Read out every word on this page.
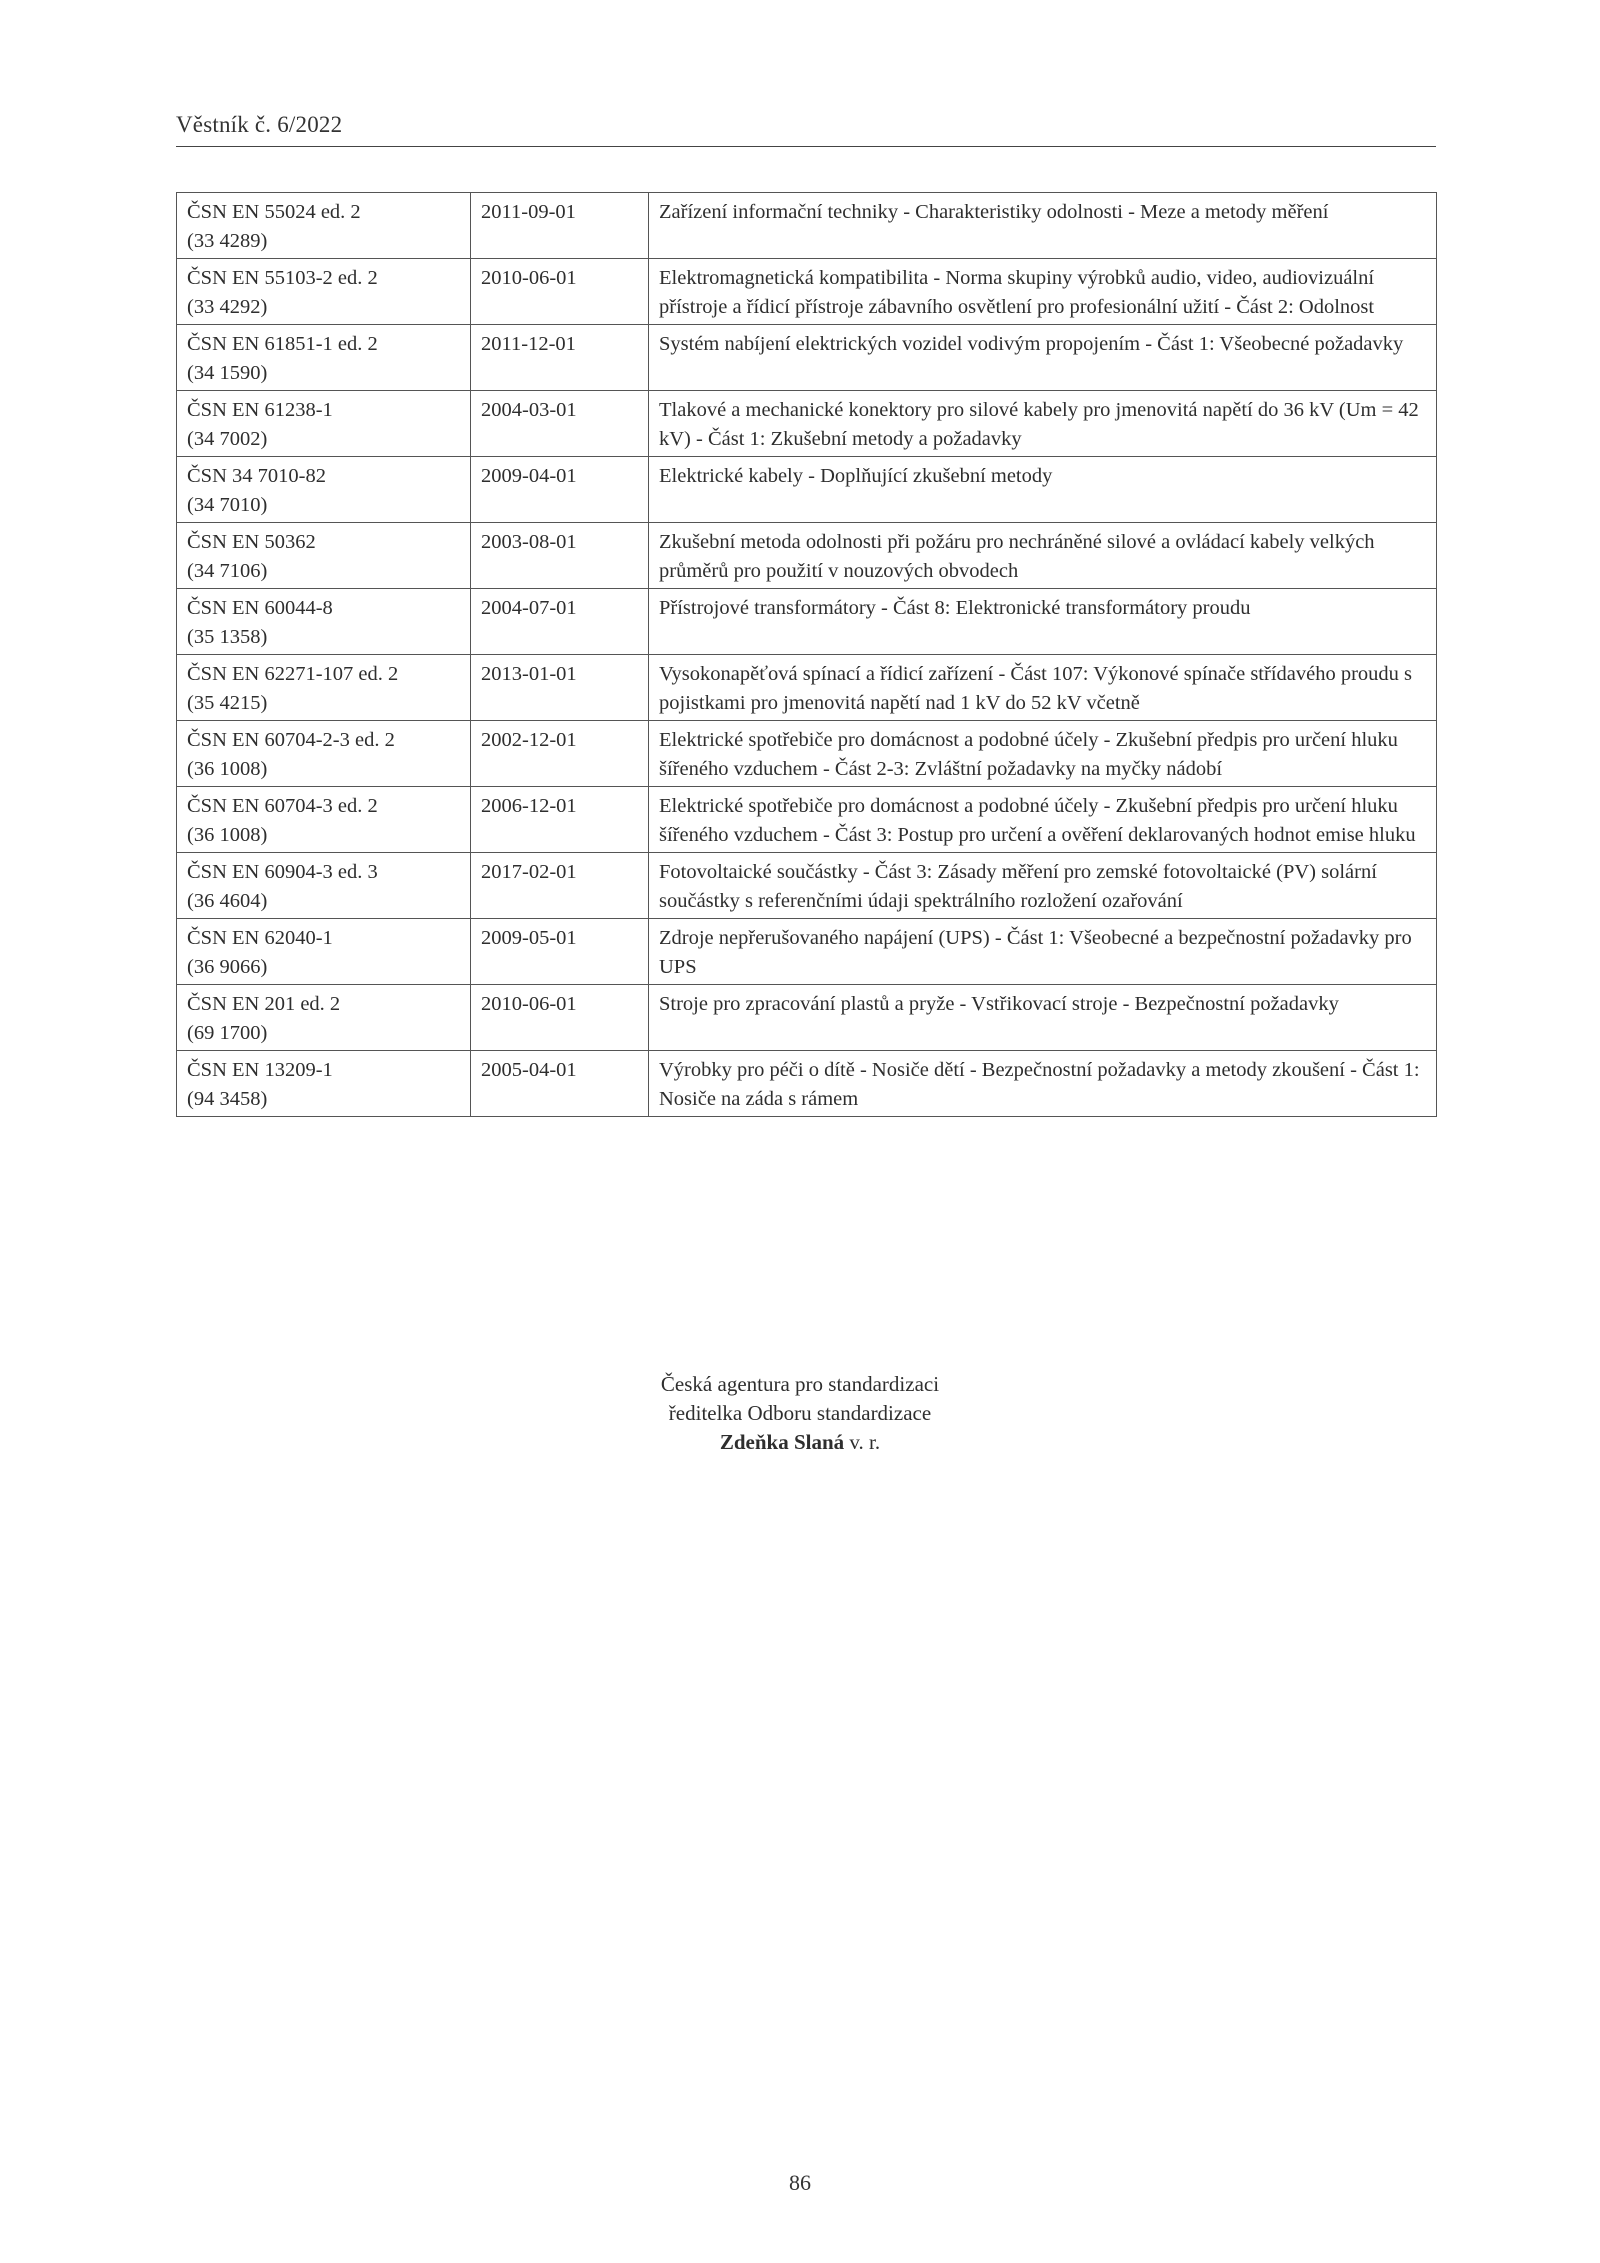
Věstník č. 6/2022
ČSN EN 55024 ed. 2
(33 4289)	2011-09-01	Zařízení informační techniky - Charakteristiky odolnosti - Meze a metody měření

ČSN EN 55103-2 ed. 2
(33 4292)	2010-06-01	Elektromagnetická kompatibilita - Norma skupiny výrobků audio, video, audiovizuální přístroje a řídicí přístroje zábavního osvětlení pro profesionální užití - Část 2: Odolnost

ČSN EN 61851-1 ed. 2
(34 1590)	2011-12-01	Systém nabíjení elektrických vozidel vodivým propojením - Část 1: Všeobecné požadavky

ČSN EN 61238-1
(34 7002)	2004-03-01	Tlakové a mechanické konektory pro silové kabely pro jmenovitá napětí do 36 kV (Um = 42 kV) - Část 1: Zkušební metody a požadavky

ČSN 34 7010-82
(34 7010)	2009-04-01	Elektrické kabely - Doplňující zkušební metody

ČSN EN 50362
(34 7106)	2003-08-01	Zkušební metoda odolnosti při požáru pro nechráněné silové a ovládací kabely velkých průměrů pro použití v nouzových obvodech

ČSN EN 60044-8
(35 1358)	2004-07-01	Přístrojové transformátory - Část 8: Elektronické transformátory proudu

ČSN EN 62271-107 ed. 2
(35 4215)	2013-01-01	Vysokonapěťová spínací a řídicí zařízení - Část 107: Výkonové spínače střídavého proudu s pojistkami pro jmenovitá napětí nad 1 kV do 52 kV včetně

ČSN EN 60704-2-3 ed. 2
(36 1008)	2002-12-01	Elektrické spotřebiče pro domácnost a podobné účely - Zkušební předpis pro určení hluku šířeného vzduchem - Část 2-3: Zvláštní požadavky na myčky nádobí

ČSN EN 60704-3 ed. 2
(36 1008)	2006-12-01	Elektrické spotřebiče pro domácnost a podobné účely - Zkušební předpis pro určení hluku šířeného vzduchem - Část 3: Postup pro určení a ověření deklarovaných hodnot emise hluku

ČSN EN 60904-3 ed. 3
(36 4604)	2017-02-01	Fotovoltaické součástky - Část 3: Zásady měření pro zemské fotovoltaické (PV) solární součástky s referenčními údaji spektrálního rozložení ozařování

ČSN EN 62040-1
(36 9066)	2009-05-01	Zdroje nepřerušovaného napájení (UPS) - Část 1: Všeobecné a bezpečnostní požadavky pro UPS

ČSN EN 201 ed. 2
(69 1700)	2010-06-01	Stroje pro zpracování plastů a pryže - Vstřikovací stroje - Bezpečnostní požadavky

ČSN EN 13209-1
(94 3458)	2005-04-01	Výrobky pro péči o dítě - Nosiče dětí - Bezpečnostní požadavky a metody zkoušení - Část 1: Nosiče na záda s rámem
Česká agentura pro standardizaci
ředitelka Odboru standardizace
Zdeňka Slaná v. r.
86
